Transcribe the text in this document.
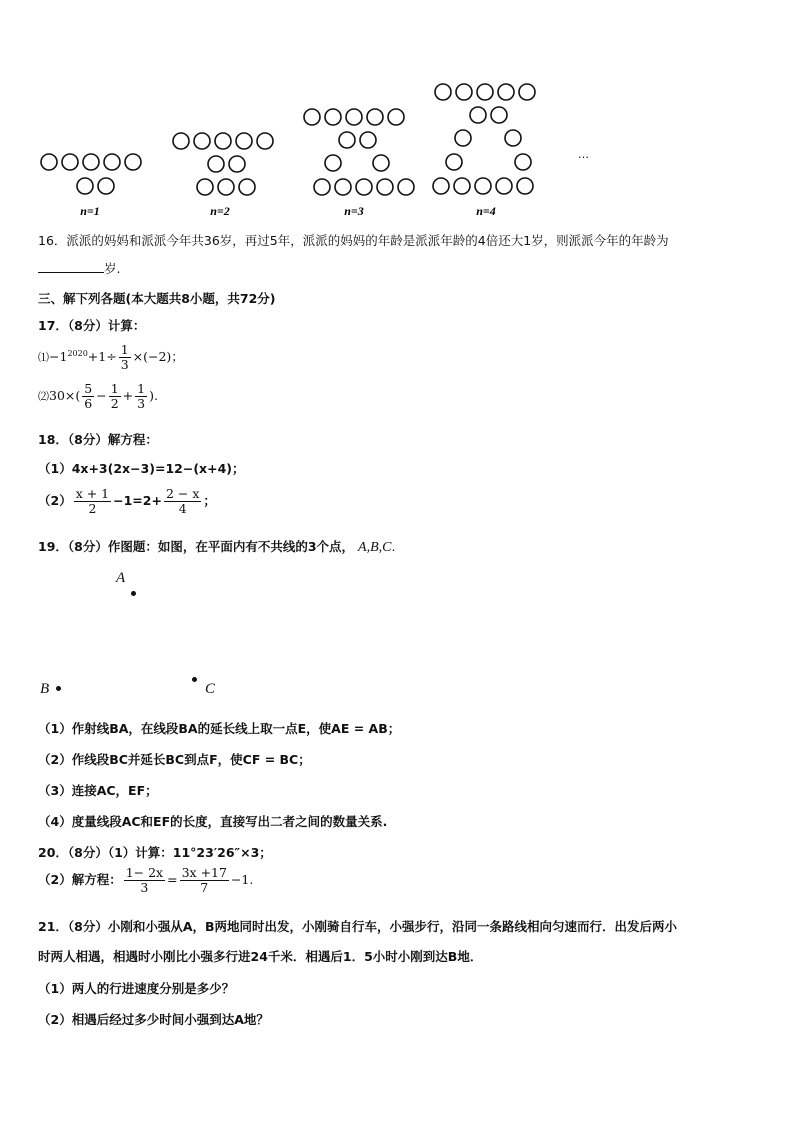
n=1	n=2	n=3	n=4
…
16．派派的妈妈和派派今年共36岁，再过5年，派派的妈妈的年龄是派派年龄的4倍还大1岁，则派派今年的年龄为
岁.
三、解下列各题(本大题共8小题，共72分)
17．（8分）计算：
$⑴-1^{2020}+1\div \frac{1}{3} \times(-2)$；
⑵30×( $\frac{5}{6} - \frac{1}{2} + \frac{1}{3}$ ).
18．（8分）解方程：
（1）4x+3(2x−3)=12−(x+4)；
$(2) \frac{x + 1}{2} -1=2+ \frac{2 - x}{4}$ ；
19．（8分）作图题：如图，在平面内有不共线的3个点， A,B,C.
A
B	C
（1）作射线BA，在线段BA的延长线上取一点E，使AE = AB；
（2）作线段BC并延长BC到点F，使CF = BC；
（3）连接AC，EF；
（4）度量线段AC和EF的长度，直接写出二者之间的数量关系.
20．（8分）（1）计算：11°23′26″×3；
（2）解方程： $\frac{1- 2x}{3} = \frac{3x +17}{7} -1$.
21．（8分）小刚和小强从A，B两地同时出发，小刚骑自行车，小强步行，沿同一条路线相向匀速而行．出发后两小
时两人相遇，相遇时小刚比小强多行进24千米．相遇后1．5小时小刚到达B地．
（1）两人的行进速度分别是多少？
（2）相遇后经过多少时间小强到达A地？
